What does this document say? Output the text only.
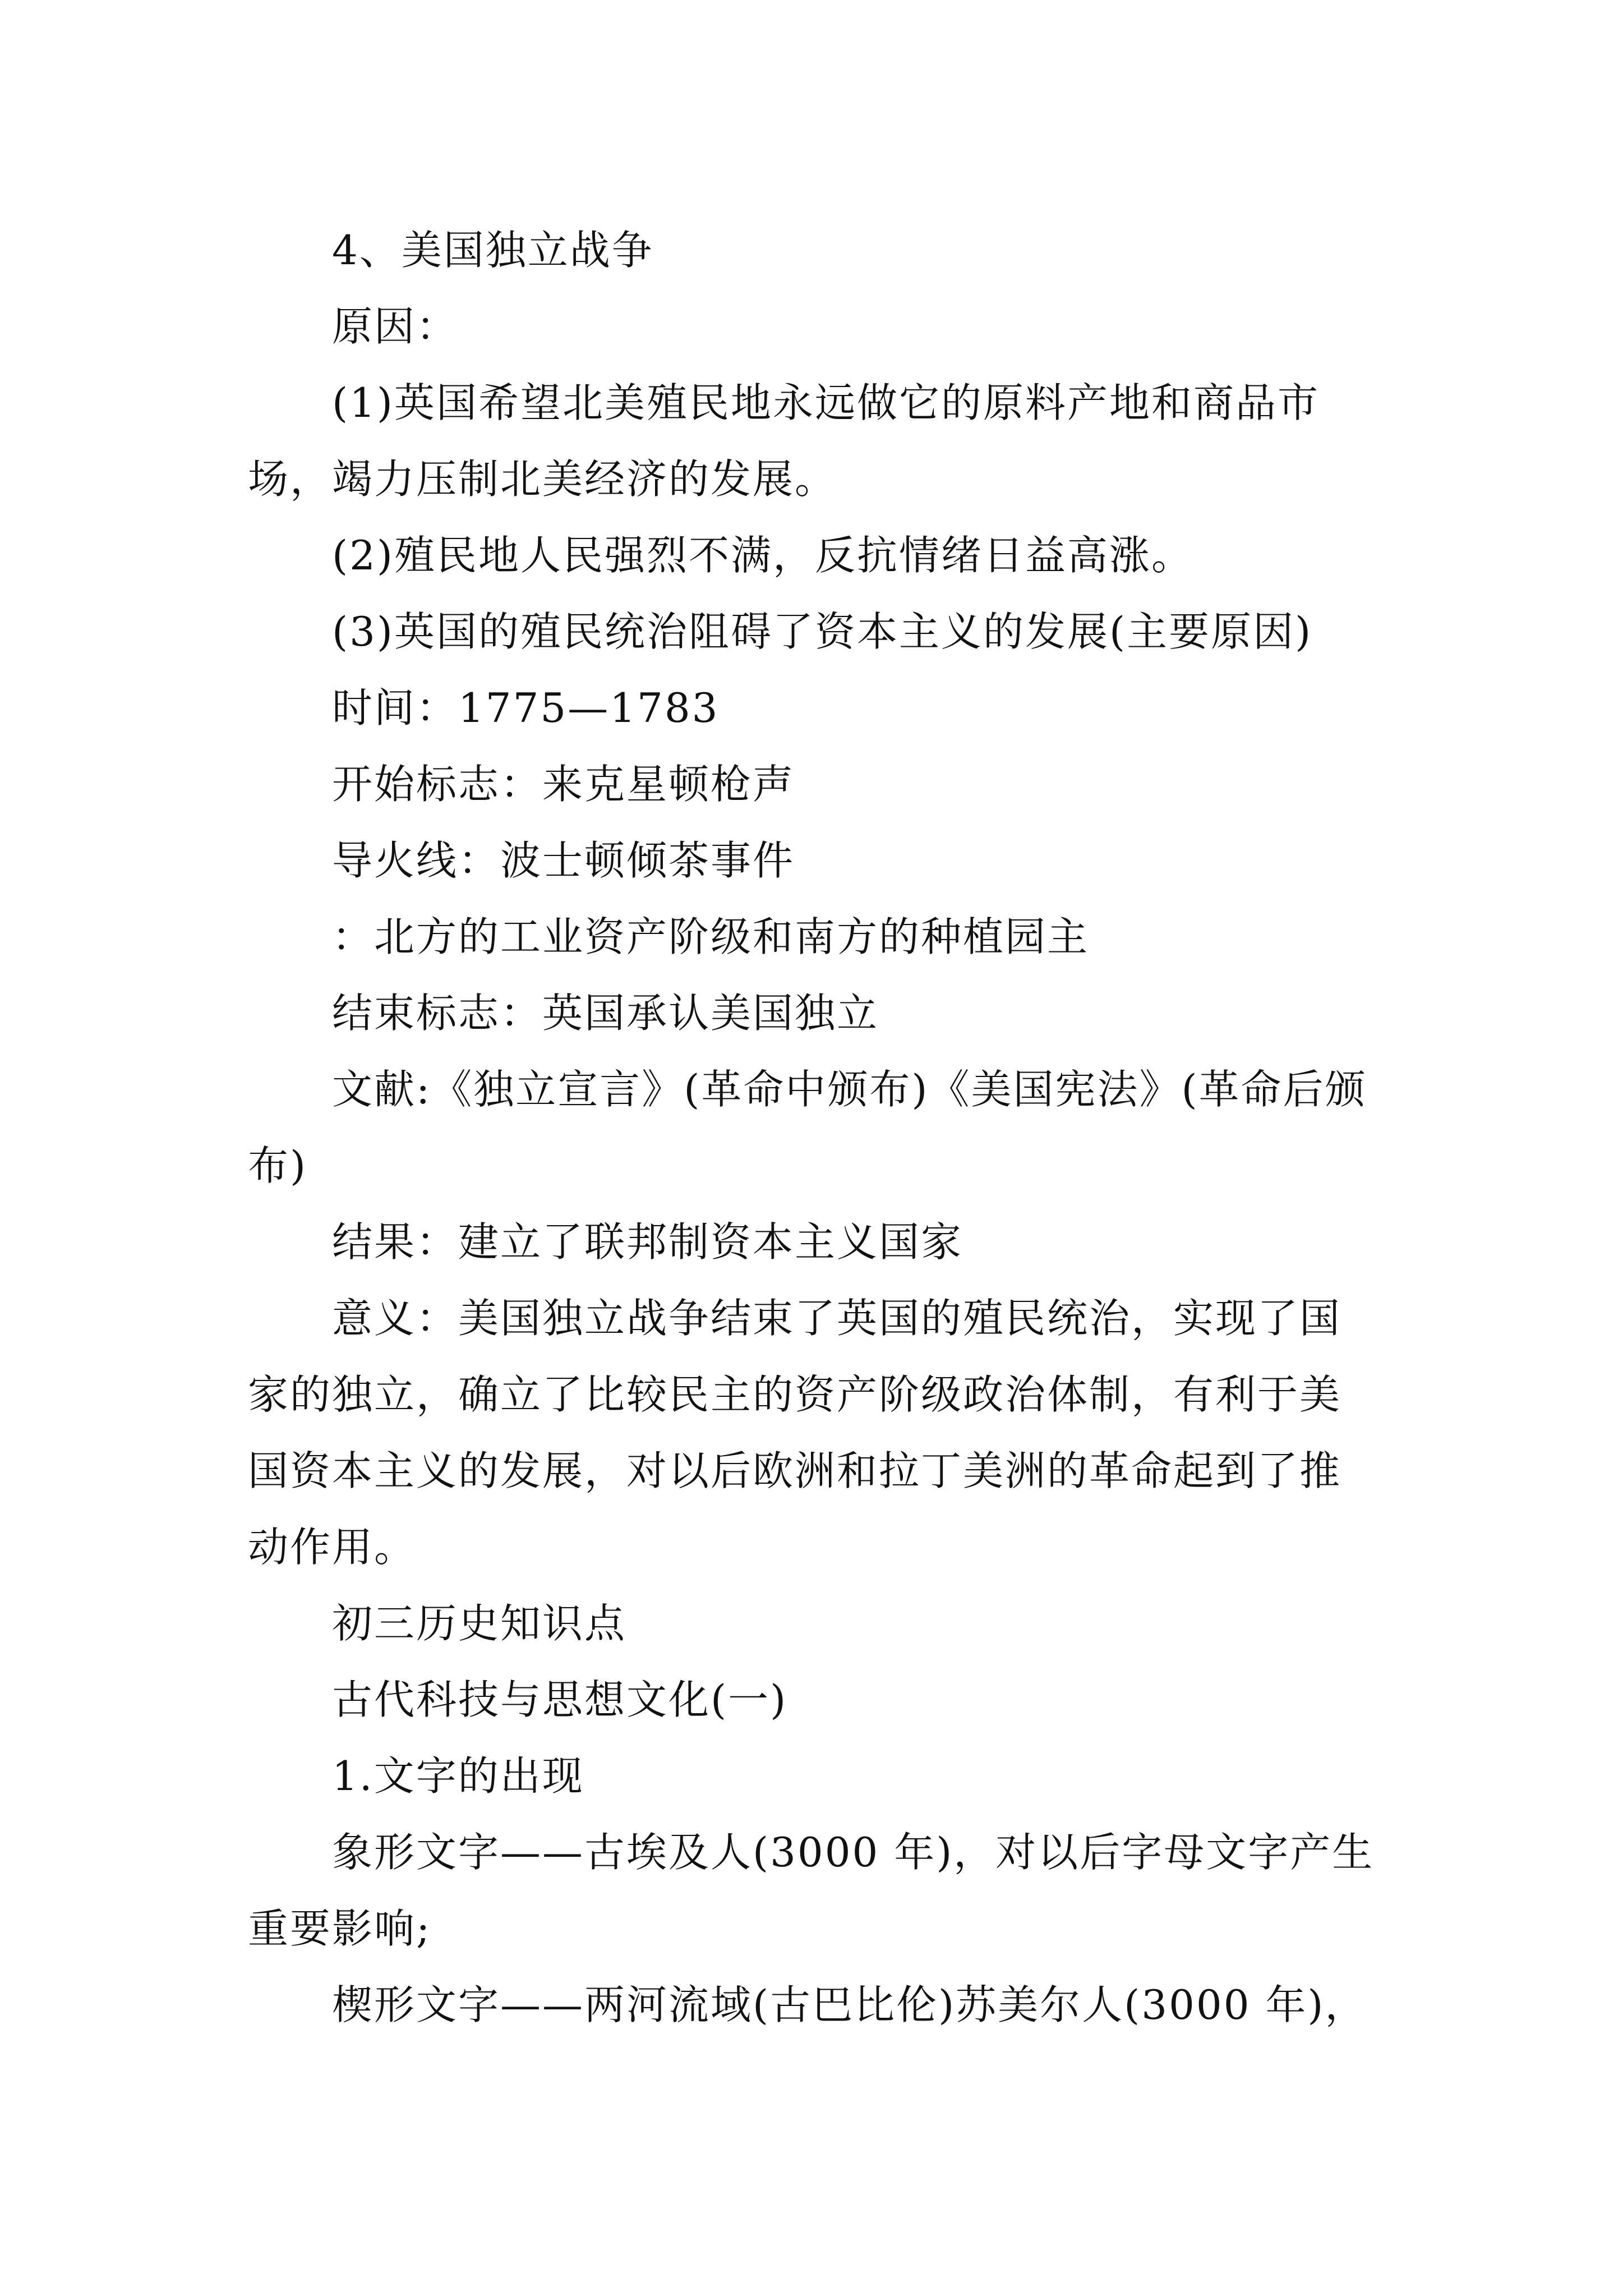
4、美国独立战争

原因：

(1)英国希望北美殖民地永远做它的原料产地和商品市场，竭力压制北美经济的发展。

(2)殖民地人民强烈不满，反抗情绪日益高涨。

(3)英国的殖民统治阻碍了资本主义的发展(主要原因)

时间：1775—1783

开始标志：来克星顿枪声

导火线：波士顿倾茶事件

：北方的工业资产阶级和南方的种植园主

结束标志：英国承认美国独立

文献:《独立宣言》(革命中颁布)《美国宪法》(革命后颁布)

结果：建立了联邦制资本主义国家

意义：美国独立战争结束了英国的殖民统治，实现了国家的独立，确立了比较民主的资产阶级政治体制，有利于美国资本主义的发展，对以后欧洲和拉丁美洲的革命起到了推动作用。

初三历史知识点

古代科技与思想文化(一)

1.文字的出现

象形文字——古埃及人(3000 年)，对以后字母文字产生重要影响;

楔形文字——两河流域(古巴比伦)苏美尔人(3000 年)，
